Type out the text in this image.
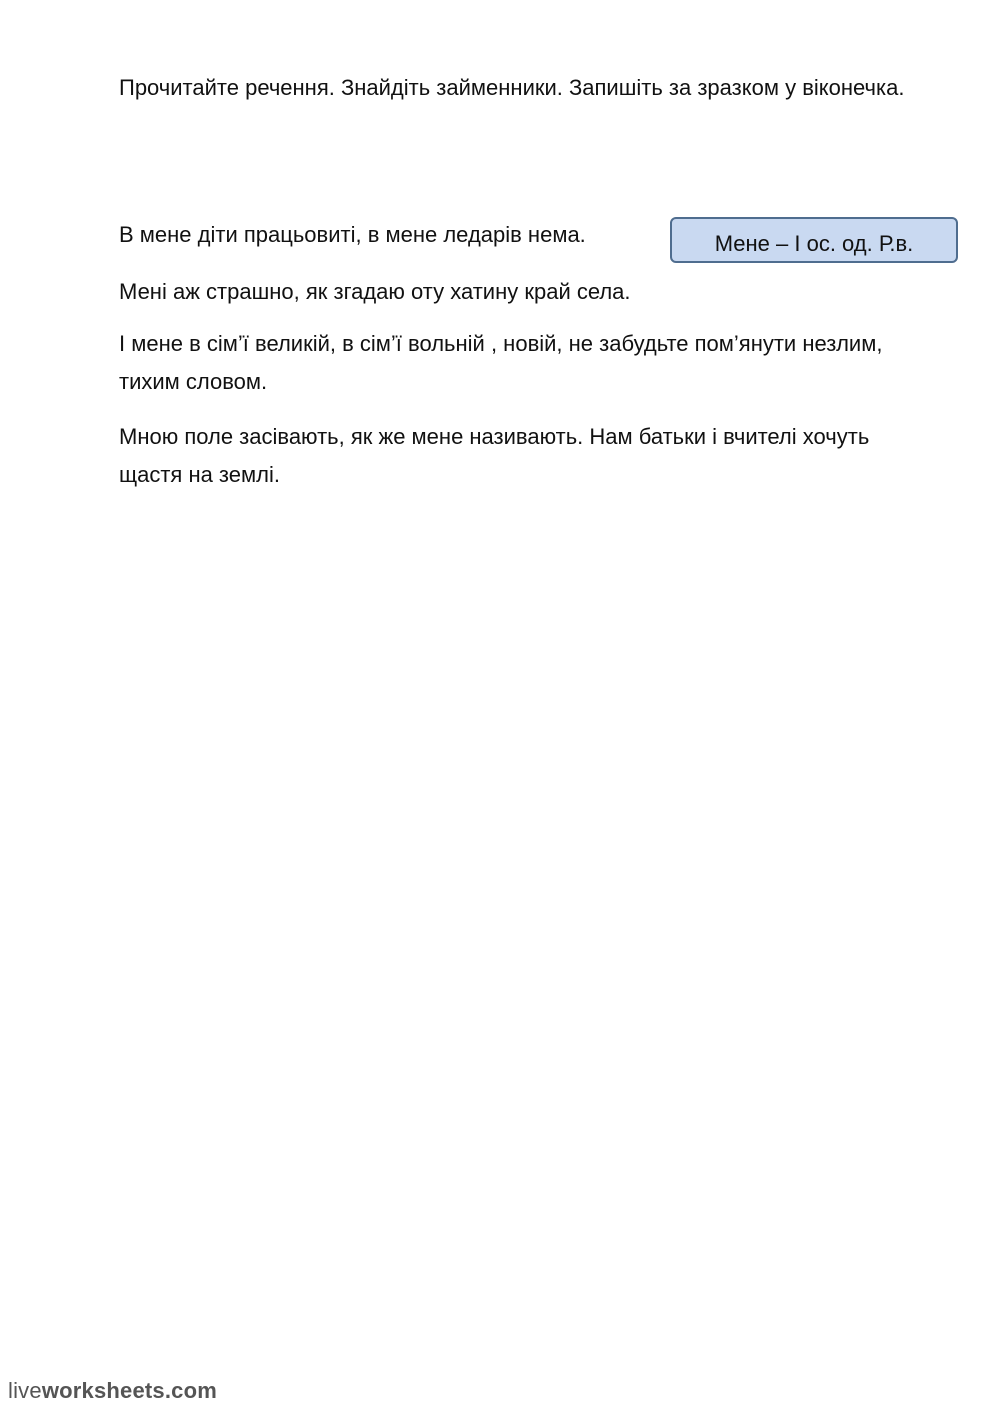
Прочитайте речення. Знайдіть займенники. Запишіть за зразком у віконечка.

В мене діти працьовиті, в мене ледарів нема.	Мене – І ос. од. Р.в.

Мені аж страшно, як згадаю оту хатину край села.

І мене в сім’ї великій, в сім’ї вольній , новій, не забудьте пом’янути незлим, тихим словом.

Мною поле засівають, як же мене називають. Нам батьки і вчителі хочуть щастя на землі.

liveworksheets.com
